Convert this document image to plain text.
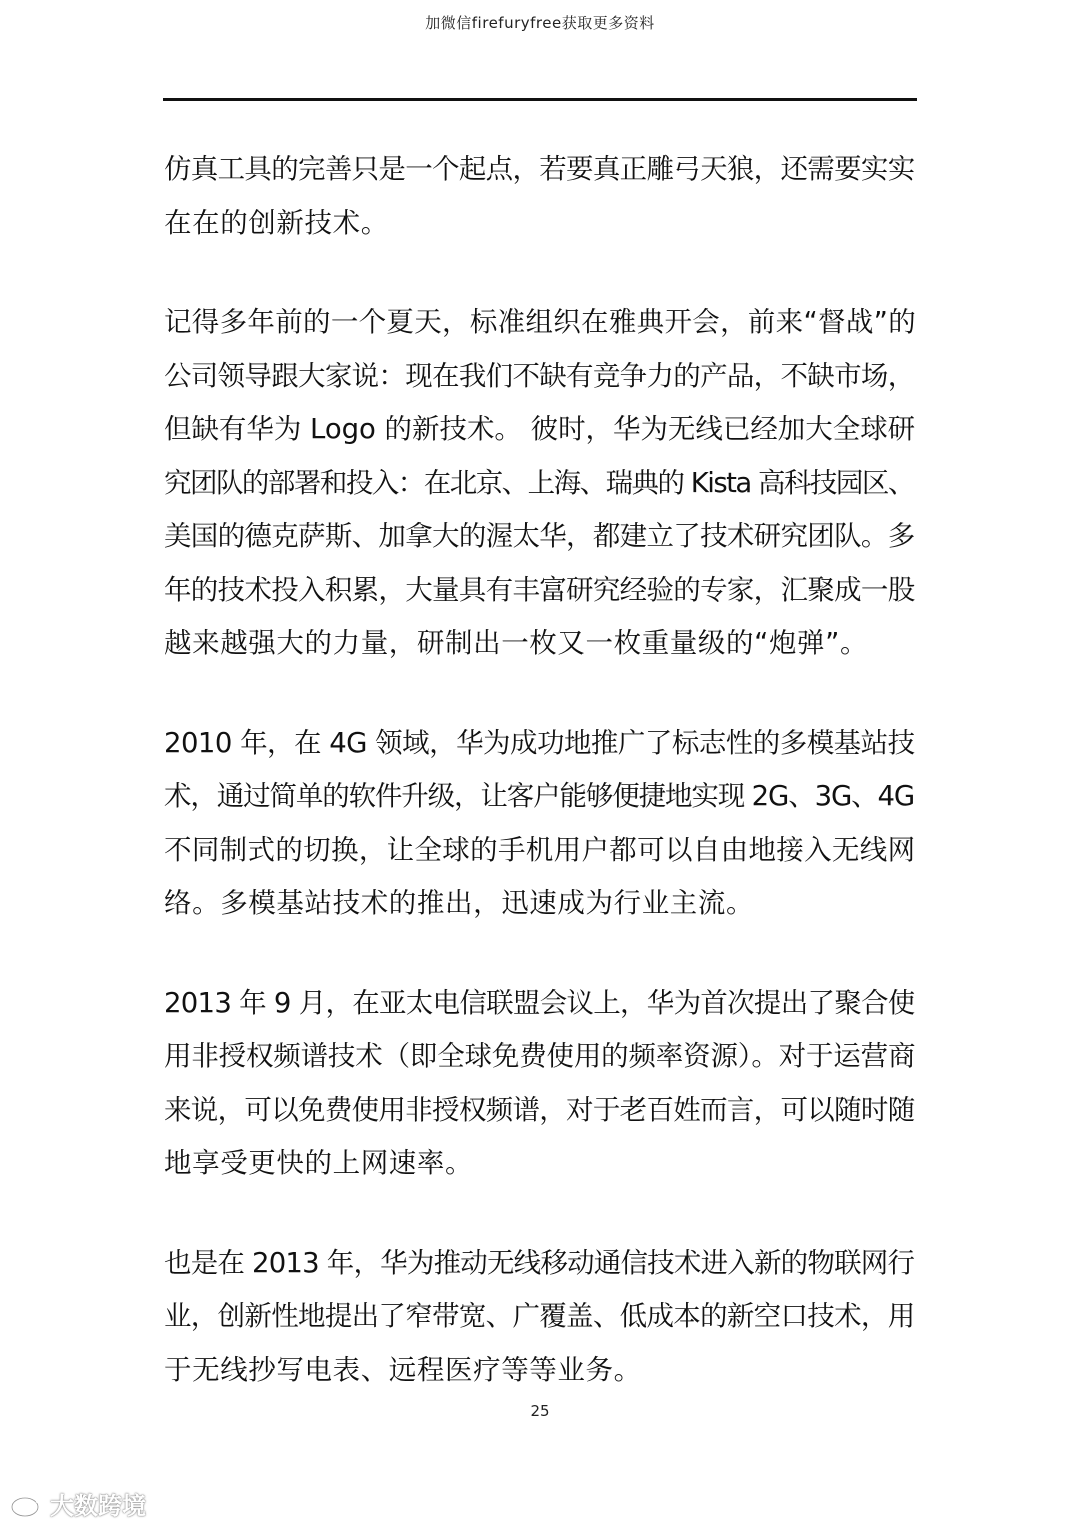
加微信firefuryfree获取更多资料

仿真工具的完善只是一个起点，若要真正雕弓天狼，还需要实实
在在的创新技术。

记得多年前的一个夏天，标准组织在雅典开会，前来“督战”的
公司领导跟大家说：现在我们不缺有竞争力的产品，不缺市场，
但缺有华为 Logo 的新技术。 彼时，华为无线已经加大全球研
究团队的部署和投入：在北京、上海、瑞典的 Kista 高科技园区、
美国的德克萨斯、加拿大的渥太华，都建立了技术研究团队。多
年的技术投入积累，大量具有丰富研究经验的专家，汇聚成一股
越来越强大的力量，研制出一枚又一枚重量级的“炮弹”。

2010 年，在 4G 领域，华为成功地推广了标志性的多模基站技
术，通过简单的软件升级，让客户能够便捷地实现 2G、3G、4G
不同制式的切换，让全球的手机用户都可以自由地接入无线网
络。多模基站技术的推出，迅速成为行业主流。

2013 年 9 月，在亚太电信联盟会议上，华为首次提出了聚合使
用非授权频谱技术（即全球免费使用的频率资源）。对于运营商
来说，可以免费使用非授权频谱，对于老百姓而言，可以随时随
地享受更快的上网速率。

也是在 2013 年，华为推动无线移动通信技术进入新的物联网行
业，创新性地提出了窄带宽、广覆盖、低成本的新空口技术，用
于无线抄写电表、远程医疗等等业务。

25
大数跨境
